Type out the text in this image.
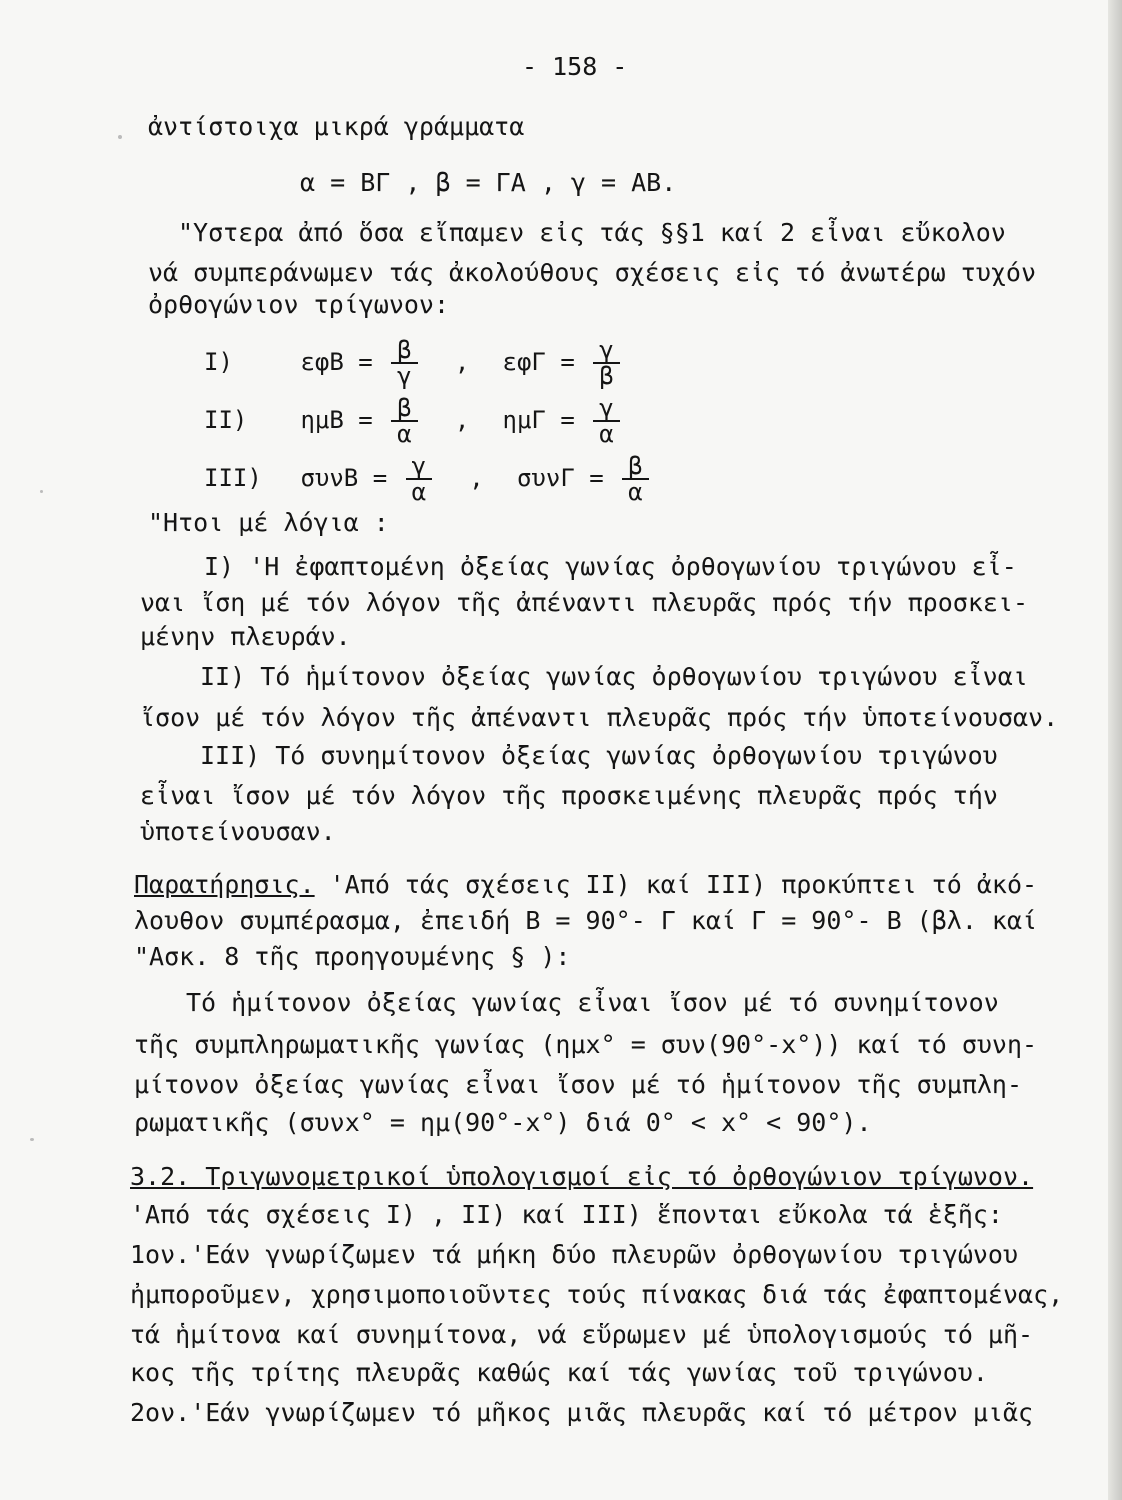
- 158 -
ἀντίστοιχα μικρά γράμματα
α = ΒΓ , β = ΓΑ , γ = ΑΒ.
"Υστερα ἀπό ὅσα εἴπαμεν εἰς τάς §§1 καί 2 εἶναι εὔκολον
νά συμπεράνωμεν τάς ἀκολούθους σχέσεις εἰς τό ἀνωτέρω τυχόν
ὀρθογώνιον τρίγωνον:
I)	$\varepsilon\varphi B = \frac{\beta}{\gamma}$ , $\varepsilon\varphi\Gamma = \frac{\gamma}{\beta}$
II) $\eta\mu B = \frac{\beta}{\alpha}$ , $\eta\mu\Gamma = \frac{\gamma}{\alpha}$
III) $\sigma\upsilon\nu B = \frac{\gamma}{\alpha}$ , $\sigma\upsilon\nu\Gamma = \frac{\beta}{\alpha}$
"Ητοι μέ λόγια :
I) 'Η ἐφαπτομένη ὀξείας γωνίας ὀρθογωνίου τριγώνου εἶ-
ναι ἴση μέ τόν λόγον τῆς ἀπέναντι πλευρᾶς πρός τήν προσκει-
μένην πλευράν.
II) Τό ἡμίτονον ὀξείας γωνίας ὀρθογωνίου τριγώνου εἶναι
ἴσον μέ τόν λόγον τῆς ἀπέναντι πλευρᾶς πρός τήν ὑποτείνουσαν.
III) Τό συνημίτονον ὀξείας γωνίας ὀρθογωνίου τριγώνου
εἶναι ἴσον μέ τόν λόγον τῆς προσκειμένης πλευρᾶς πρός τήν
ὑποτείνουσαν.
Παρατήρησις. 'Από τάς σχέσεις II) καί III) προκύπτει τό ἀκό-
λουθον συμπέρασμα, ἐπειδή Β = 90°- Γ καί Γ = 90°- Β (βλ. καί
"Ασκ. 8 τῆς προηγουμένης § ):
Τό ἡμίτονον ὀξείας γωνίας εἶναι ἴσον μέ τό συνημίτονον
τῆς συμπληρωματικῆς γωνίας (ημx° = συν(90°-x°)) καί τό συνη-
μίτονον ὀξείας γωνίας εἶναι ἴσον μέ τό ἡμίτονον τῆς συμπλη-
ρωματικῆς (συνx° = ημ(90°-x°) διά 0° < x° < 90°).
3.2. Τριγωνομετρικοί ὑπολογισμοί εἰς τό ὀρθογώνιον τρίγωνον.
'Από τάς σχέσεις I) , II) καί III) ἕπονται εὔκολα τά ἑξῆς:
1ον.'Εάν γνωρίζωμεν τά μήκη δύο πλευρῶν ὀρθογωνίου τριγώνου
ἠμποροῦμεν, χρησιμοποιοῦντες τούς πίνακας διά τάς ἐφαπτομένας,
τά ἡμίτονα καί συνημίτονα, νά εὕρωμεν μέ ὑπολογισμούς τό μῆ-
κος τῆς τρίτης πλευρᾶς καθώς καί τάς γωνίας τοῦ τριγώνου.
2ον.'Εάν γνωρίζωμεν τό μῆκος μιᾶς πλευρᾶς καί τό μέτρον μιᾶς
